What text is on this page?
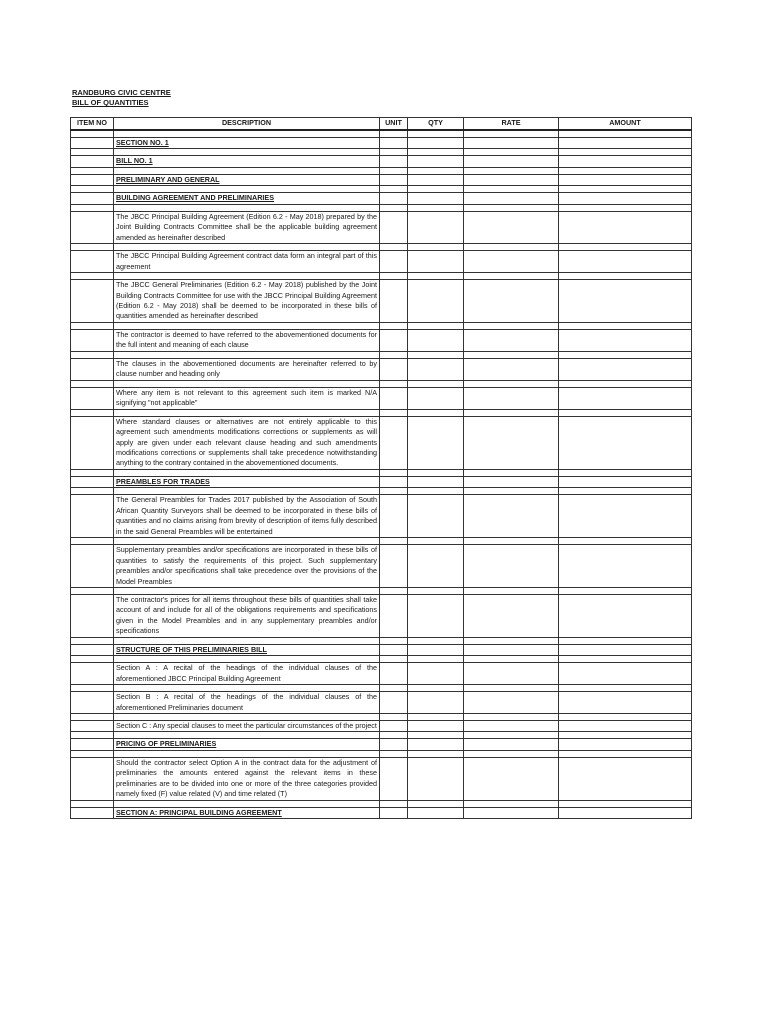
RANDBURG CIVIC CENTRE
BILL OF QUANTITIES
ITEM NO	DESCRIPTION	UNIT	QTY	RATE	AMOUNT

	SECTION NO. 1				

	BILL NO. 1				

	PRELIMINARY AND GENERAL				

	BUILDING AGREEMENT AND PRELIMINARIES				

	The JBCC Principal Building Agreement (Edition 6.2 - May 2018) prepared by the Joint Building Contracts Committee shall be the applicable building agreement amended as hereinafter described				

	The JBCC Principal Building Agreement contract data form an integral part of this agreement				

	The JBCC General Preliminaries (Edition 6.2 - May 2018) published by the Joint Building Contracts Committee for use with the JBCC Principal Building Agreement (Edition 6.2 - May 2018) shall be deemed to be incorporated in these bills of quantities amended as hereinafter described				

	The contractor is deemed to have referred to the abovementioned documents for the full intent and meaning of each clause				

	The clauses in the abovementioned documents are hereinafter referred to by clause number and heading only				

	Where any item is not relevant to this agreement such item is marked N/A signifying "not applicable"				

	Where standard clauses or alternatives are not entirely applicable to this agreement such amendments modifications corrections or supplements as will apply are given under each relevant clause heading and such amendments modifications corrections or supplements shall take precedence notwithstanding anything to the contrary contained in the abovementioned documents.				

	PREAMBLES FOR TRADES				

	The General Preambles for Trades 2017 published by the Association of South African Quantity Surveyors shall be deemed to be incorporated in these bills of quantities and no claims arising from brevity of description of items fully described in the said General Preambles will be entertained				

	Supplementary preambles and/or specifications are incorporated in these bills of quantities to satisfy the requirements of this project. Such supplementary preambles and/or specifications shall take precedence over the provisions of the Model Preambles				

	The contractor's prices for all items throughout these bills of quantities shall take account of and include for all of the obligations requirements and specifications given in the Model Preambles and in any supplementary preambles and/or specifications				

	STRUCTURE OF THIS PRELIMINARIES BILL				

	Section A : A recital of the headings of the individual clauses of the aforementioned JBCC Principal Building Agreement				

	Section B : A recital of the headings of the individual clauses of the aforementioned Preliminaries document				

	Section C : Any special clauses to meet the particular circumstances of the project				

	PRICING OF PRELIMINARIES				

	Should the contractor select Option A in the contract data for the adjustment of preliminaries the amounts entered against the relevant items in these preliminaries are to be divided into one or more of the three categories provided namely fixed (F) value related (V) and time related (T)				

	SECTION A: PRINCIPAL BUILDING AGREEMENT				
